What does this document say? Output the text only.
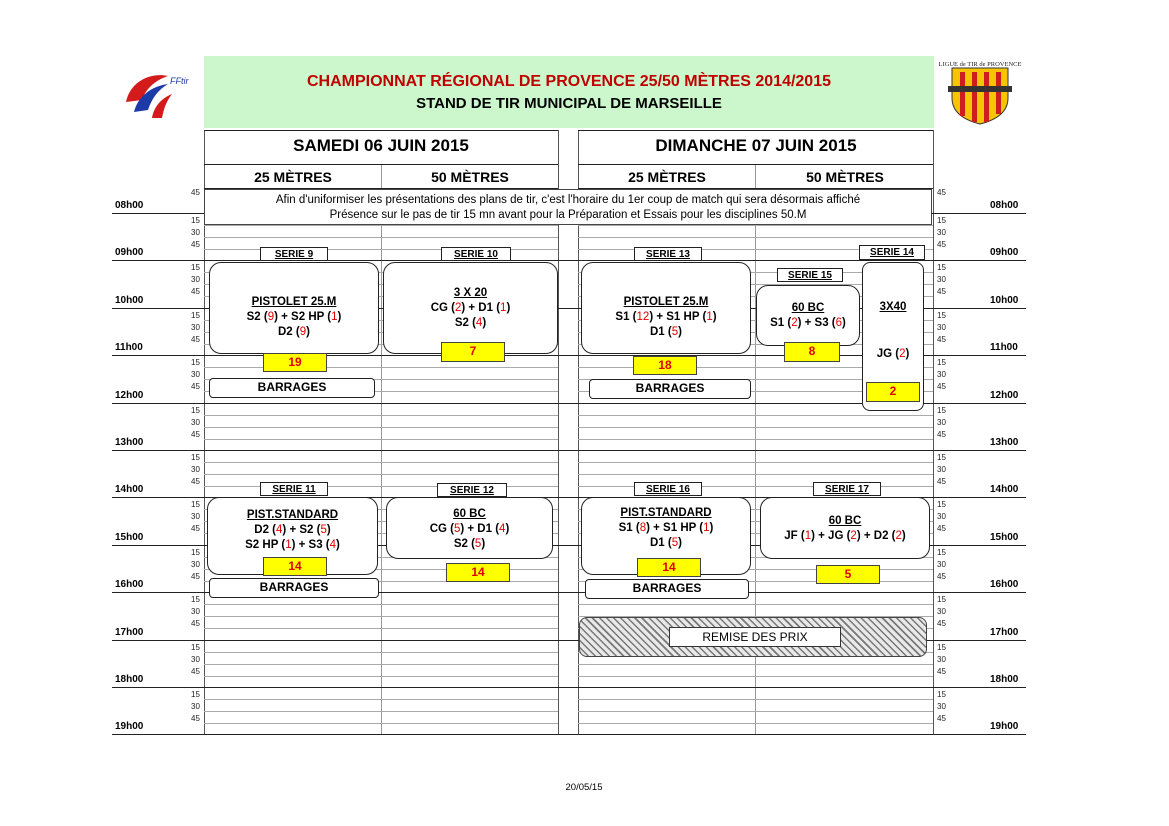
FFtir
LIGUE de TIR de PROVENCE
CHAMPIONNAT RÉGIONAL DE PROVENCE 25/50 MÈTRES 2014/2015
STAND DE TIR MUNICIPAL DE MARSEILLE
45	45
08h00	08h00
15	15
30	30
45	45
09h00	09h00
15	15
30	30
45	45
10h00	10h00
15	15
30	30
45	45
11h00	11h00
15	15
30	30
45	45
12h00	12h00
15	15
30	30
45	45
13h00	13h00
15	15
30	30
45	45
14h00	14h00
15	15
30	30
45	45
15h00	15h00
15	15
30	30
45	45
16h00	16h00
15	15
30	30
45	45
17h00	17h00
15	15
30	30
45	45
18h00	18h00
15	15
30	30
45	45
19h00	19h00
SAMEDI 06 JUIN 2015	DIMANCHE 07 JUIN 2015
25 MÈTRES	50 MÈTRES	25 MÈTRES	50 MÈTRES
Afin d'uniformiser les présentations des plans de tir, c'est l'horaire du 1er coup de match qui sera désormais affiché
Présence sur le pas de tir 15 mn avant pour la Préparation et Essais pour les disciplines 50.M
SERIE 9	SERIE 10	SERIE 13	SERIE 14
SERIE 15
SERIE 11	SERIE 12	SERIE 16	SERIE 17
PISTOLET 25.M
S2 (9) + S2 HP (1)
D2 (9)
19
3 X 20
CG (2) + D1 (1)
S2 (4)
7
BARRAGES
PISTOLET 25.M
S1 (12) + S1 HP (1)
D1 (5)
18
BARRAGES
60 BC
S1 (2) + S3 (6)
8
3X40
JG (2)
2
PIST.STANDARD
D2 (4) + S2 (5)
S2 HP (1) + S3 (4)
14
BARRAGES
60 BC
CG (5) + D1 (4)
S2 (5)
14
PIST.STANDARD
S1 (8) + S1 HP (1)
D1 (5)
14
BARRAGES
60 BC
JF (1) + JG (2) + D2 (2)
5
REMISE DES PRIX
20/05/15
